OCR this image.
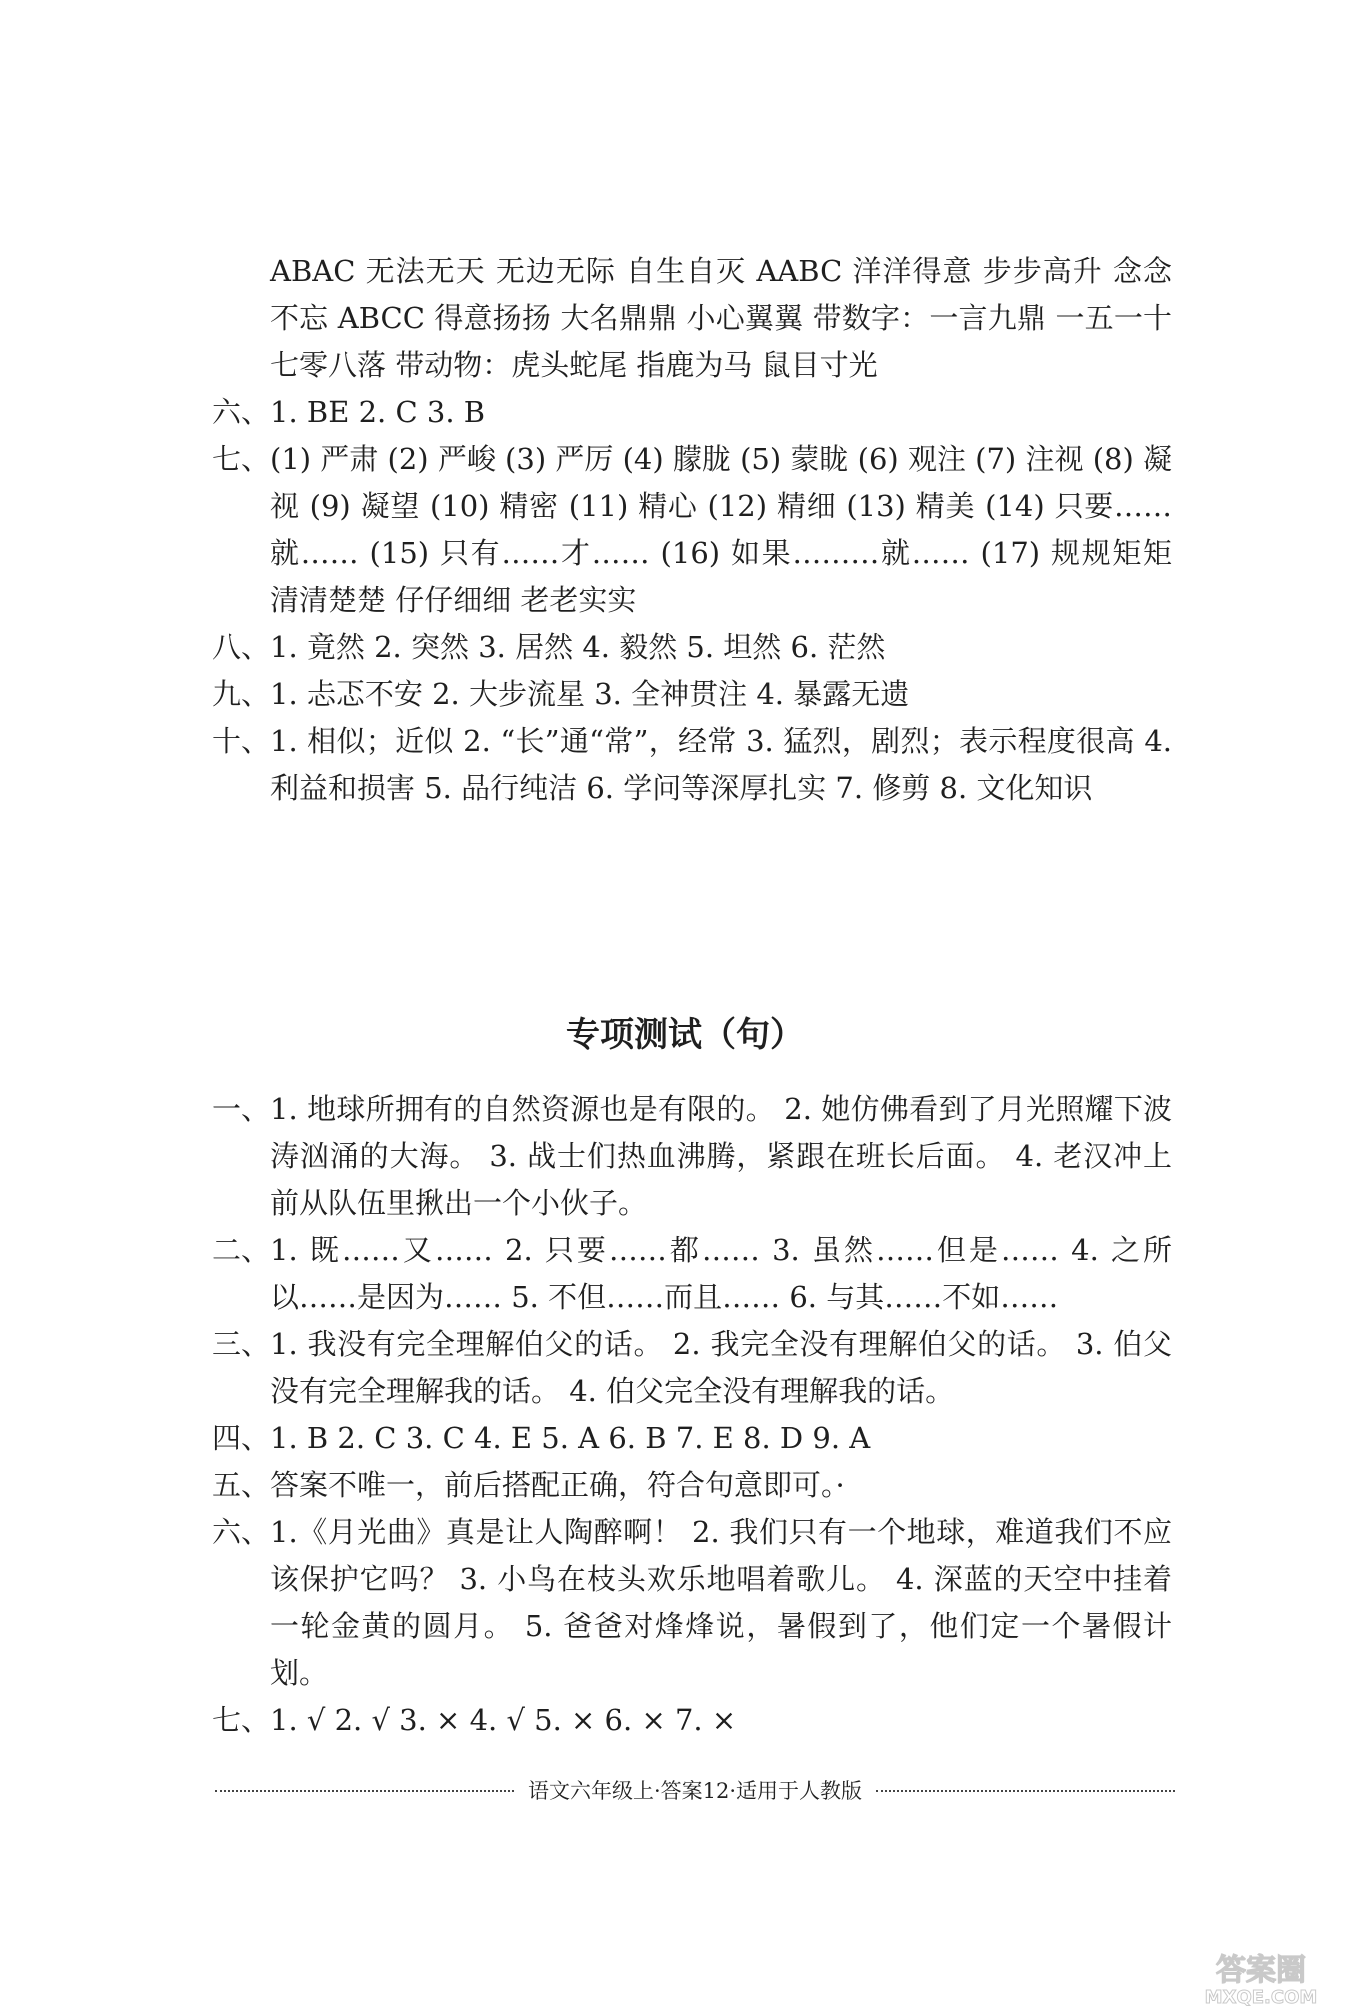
ABAC 无法无天 无边无际 自生自灭 AABC 洋洋得意 步步高升 念念不忘 ABCC 得意扬扬 大名鼎鼎 小心翼翼 带数字：一言九鼎 一五一十 七零八落 带动物：虎头蛇尾 指鹿为马 鼠目寸光

六、 1. BE 2. C 3. B

七、 (1) 严肃 (2) 严峻 (3) 严厉 (4) 朦胧 (5) 蒙眬 (6) 观注 (7) 注视 (8) 凝视 (9) 凝望 (10) 精密 (11) 精心 (12) 精细 (13) 精美 (14) 只要……就…… (15) 只有……才…… (16) 如果………就…… (17) 规规矩矩 清清楚楚 仔仔细细 老老实实

八、 1. 竟然 2. 突然 3. 居然 4. 毅然 5. 坦然 6. 茫然

九、 1. 忐忑不安 2. 大步流星 3. 全神贯注 4. 暴露无遗

十、 1. 相似；近似 2. “长”通“常”，经常 3. 猛烈，剧烈；表示程度很高 4. 利益和损害 5. 品行纯洁 6. 学问等深厚扎实 7. 修剪 8. 文化知识

专项测试（句）

一、 1. 地球所拥有的自然资源也是有限的。 2. 她仿佛看到了月光照耀下波涛汹涌的大海。 3. 战士们热血沸腾，紧跟在班长后面。 4. 老汉冲上前从队伍里揪出一个小伙子。

二、 1. 既……又…… 2. 只要……都…… 3. 虽然……但是…… 4. 之所以……是因为…… 5. 不但……而且…… 6. 与其……不如……

三、 1. 我没有完全理解伯父的话。 2. 我完全没有理解伯父的话。 3. 伯父没有完全理解我的话。 4. 伯父完全没有理解我的话。

四、 1. B 2. C 3. C 4. E 5. A 6. B 7. E 8. D 9. A

五、 答案不唯一，前后搭配正确，符合句意即可。·

六、 1.《月光曲》真是让人陶醉啊！ 2. 我们只有一个地球，难道我们不应该保护它吗？ 3. 小鸟在枝头欢乐地唱着歌儿。 4. 深蓝的天空中挂着一轮金黄的圆月。 5. 爸爸对烽烽说，暑假到了，他们定一个暑假计划。

七、 1. √ 2. √ 3. × 4. √ 5. × 6. × 7. ×

语文六年级上·答案12·适用于人教版
答案圈
MXQE.COM
